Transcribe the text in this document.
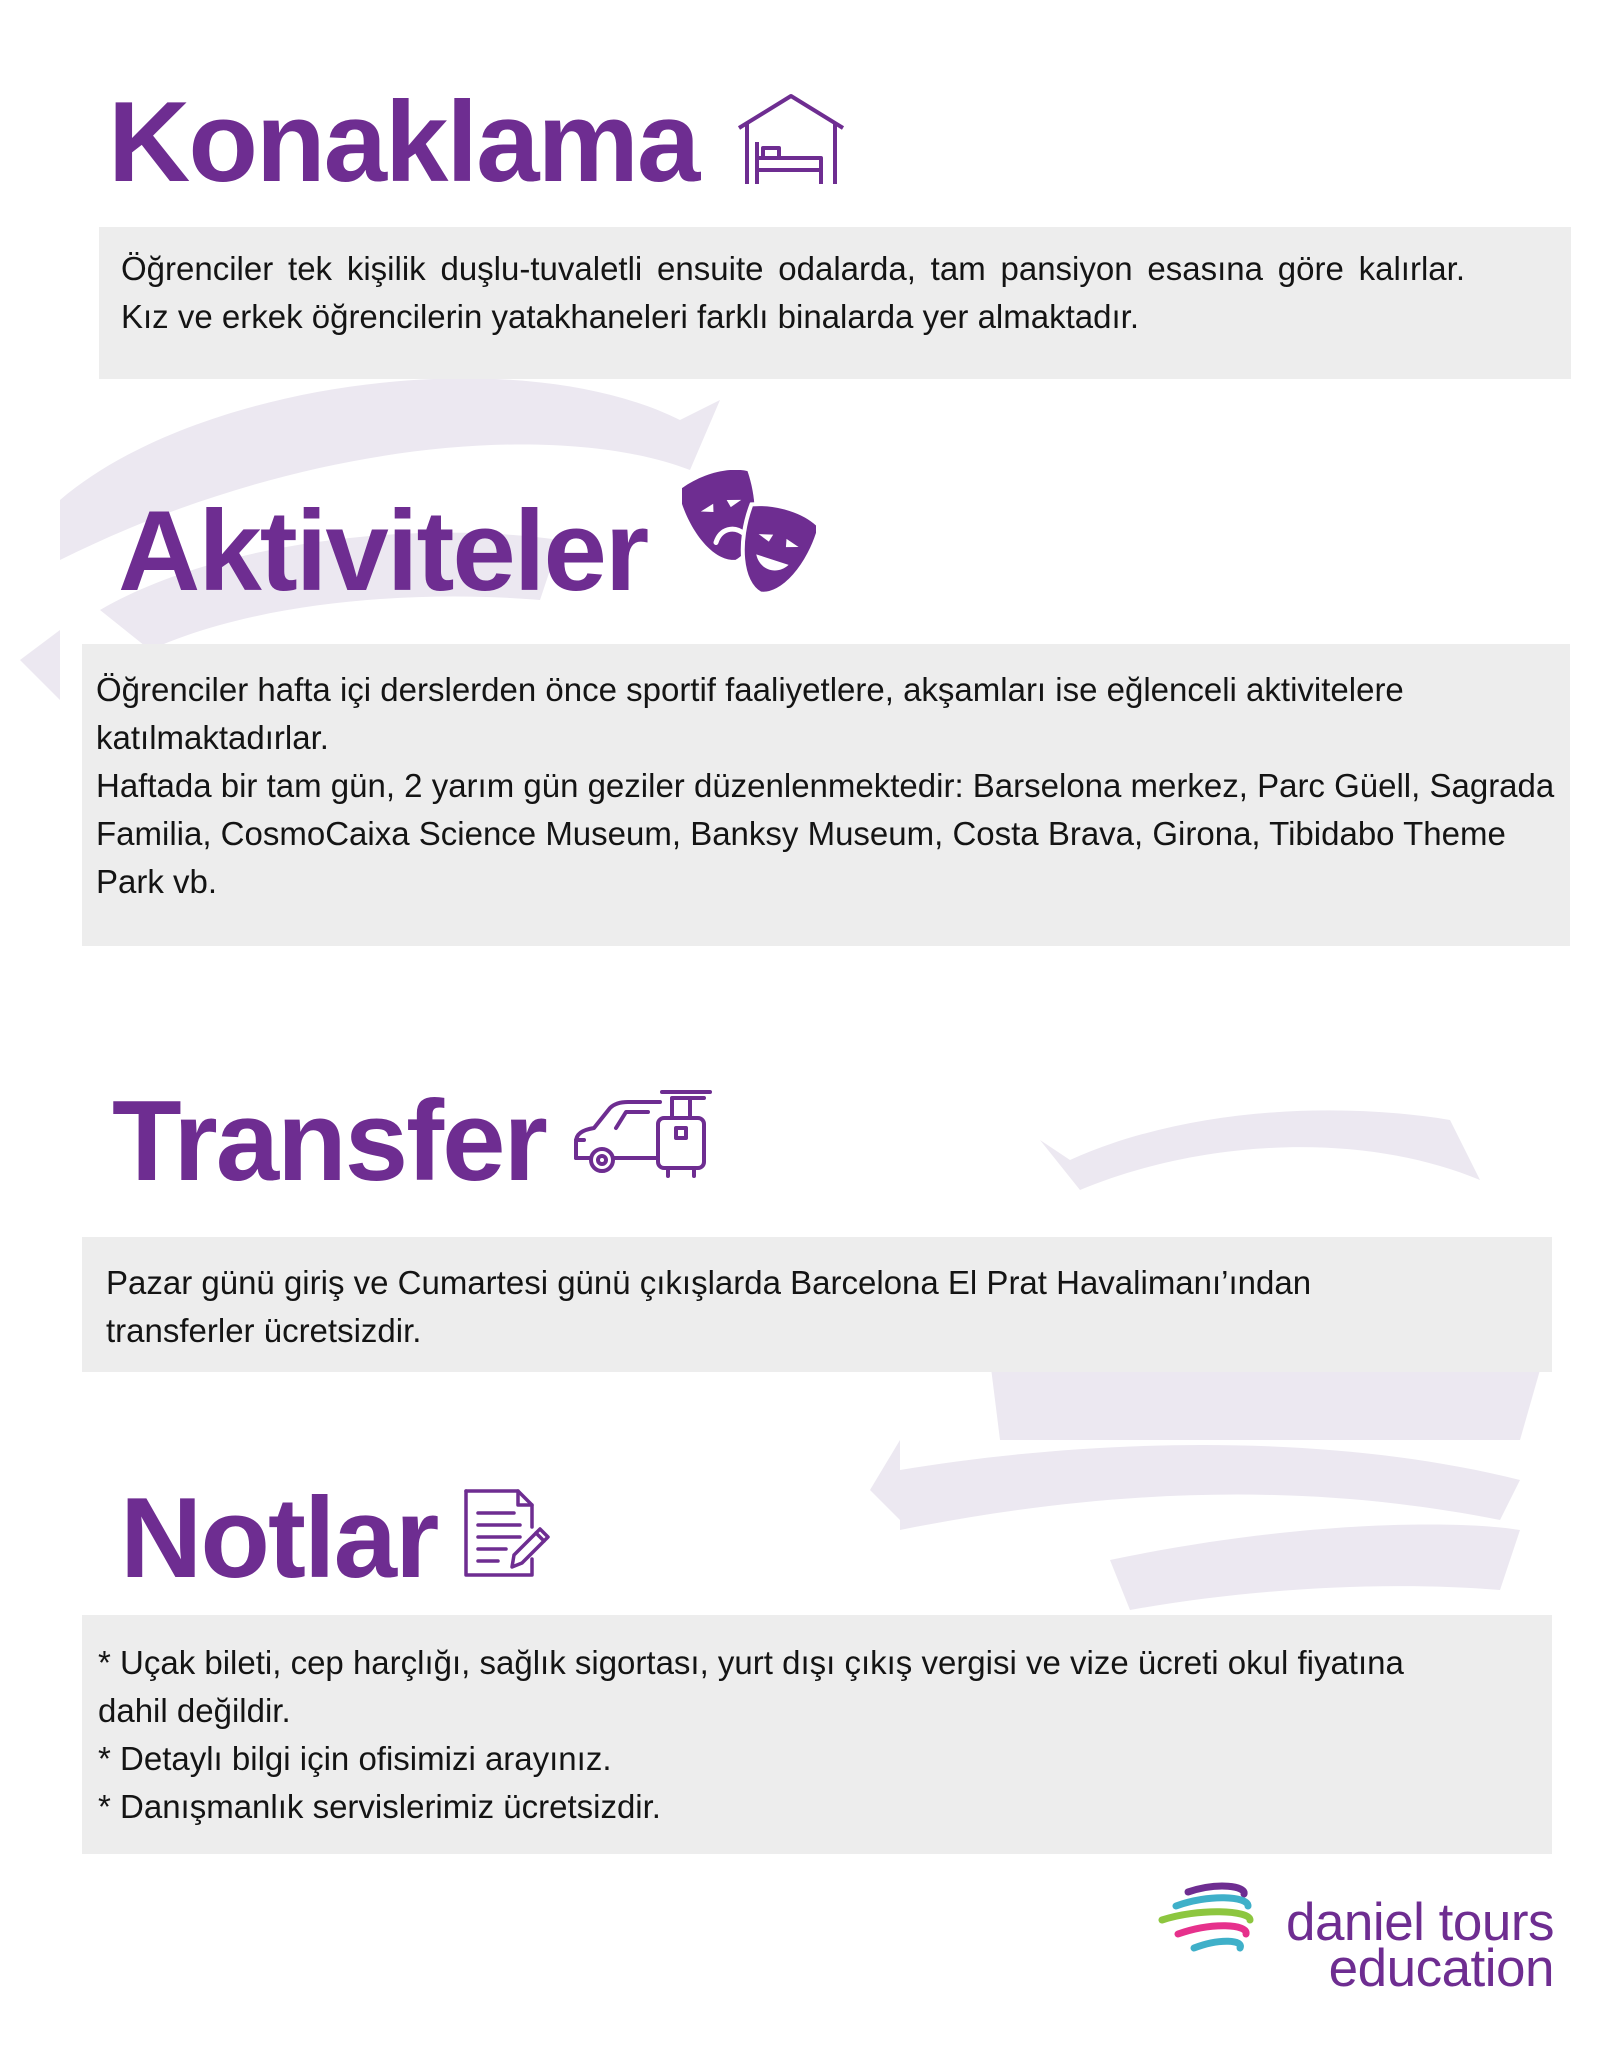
Konaklama

Öğrenciler tek kişilik duşlu-tuvaletli ensuite odalarda, tam pansiyon esasına göre kalırlar. Kız ve erkek öğrencilerin yatakhaneleri farklı binalarda yer almaktadır.

Aktiviteler

Öğrenciler hafta içi derslerden önce sportif faaliyetlere, akşamları ise eğlenceli aktivitelere katılmaktadırlar.

Haftada bir tam gün, 2 yarım gün geziler düzenlenmektedir: Barselona merkez, Parc Güell, Sagrada Familia, CosmoCaixa Science Museum, Banksy Museum, Costa Brava, Girona, Tibidabo Theme Park vb.

Transfer

Pazar günü giriş ve Cumartesi günü çıkışlarda Barcelona El Prat Havalimanı’ından transferler ücretsizdir.

Notlar

* Uçak bileti, cep harçlığı, sağlık sigortası, yurt dışı çıkış vergisi ve vize ücreti okul fiyatına dahil değildir.

* Detaylı bilgi için ofisimizi arayınız.

* Danışmanlık servislerimiz ücretsizdir.

daniel tours
education
